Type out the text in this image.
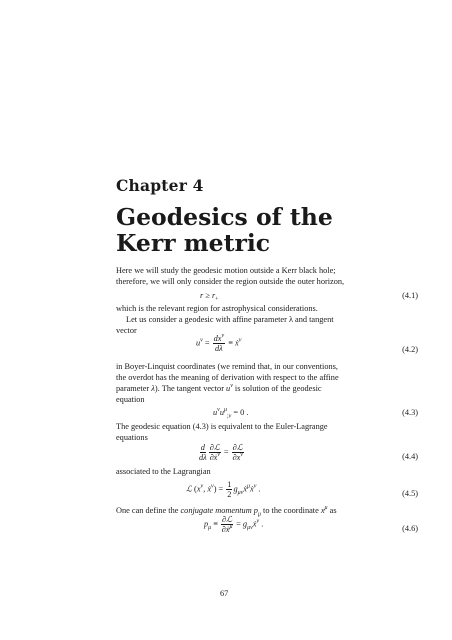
Chapter 4
Geodesics of the Kerr metric
Here we will study the geodesic motion outside a Kerr black hole;
therefore, we will only consider the region outside the outer horizon,
$r \ge r_+$	(4.1)
which is the relevant region for astrophysical considerations.
Let us consider a geodesic with affine parameter λ and tangent
vector
$u^\nu = \frac{dx^\nu}{d\lambda}$ ≡ ẋ$^\nu$
(4.2)
in Boyer-Linquist coordinates (we remind that, in our conventions,
the overdot has the meaning of derivation with respect to the affine
parameter λ). The tangent vector $u^\nu$ is solution of the geodesic
equation
$u^\nu u^\mu_{;\nu} = 0$ .	(4.3)
The geodesic equation (4.3) is equivalent to the Euler-Lagrange
equations
$\frac{d}{d\lambda} \frac{\text{∂ℒ}}{\partial ẋ^\nu} = \frac{\text{∂ℒ}}{\partial x^\nu}$	(4.4)
associated to the Lagrangian
ℒ ($x^\nu$, ẋ$^\nu$) = $\frac{1}{2}$ $g_{\mu\nu}ẋ^\mu ẋ^\nu$ .
(4.5)
One can define the conjugate momentum $p_\mu$ to the coordinate $x^\mu$ as
$p_\mu \equiv \frac{\text{∂ℒ}}{\partial ẋ^\mu}$ = $g_{\mu\nu}ẋ^\nu$ .
(4.6)
67
